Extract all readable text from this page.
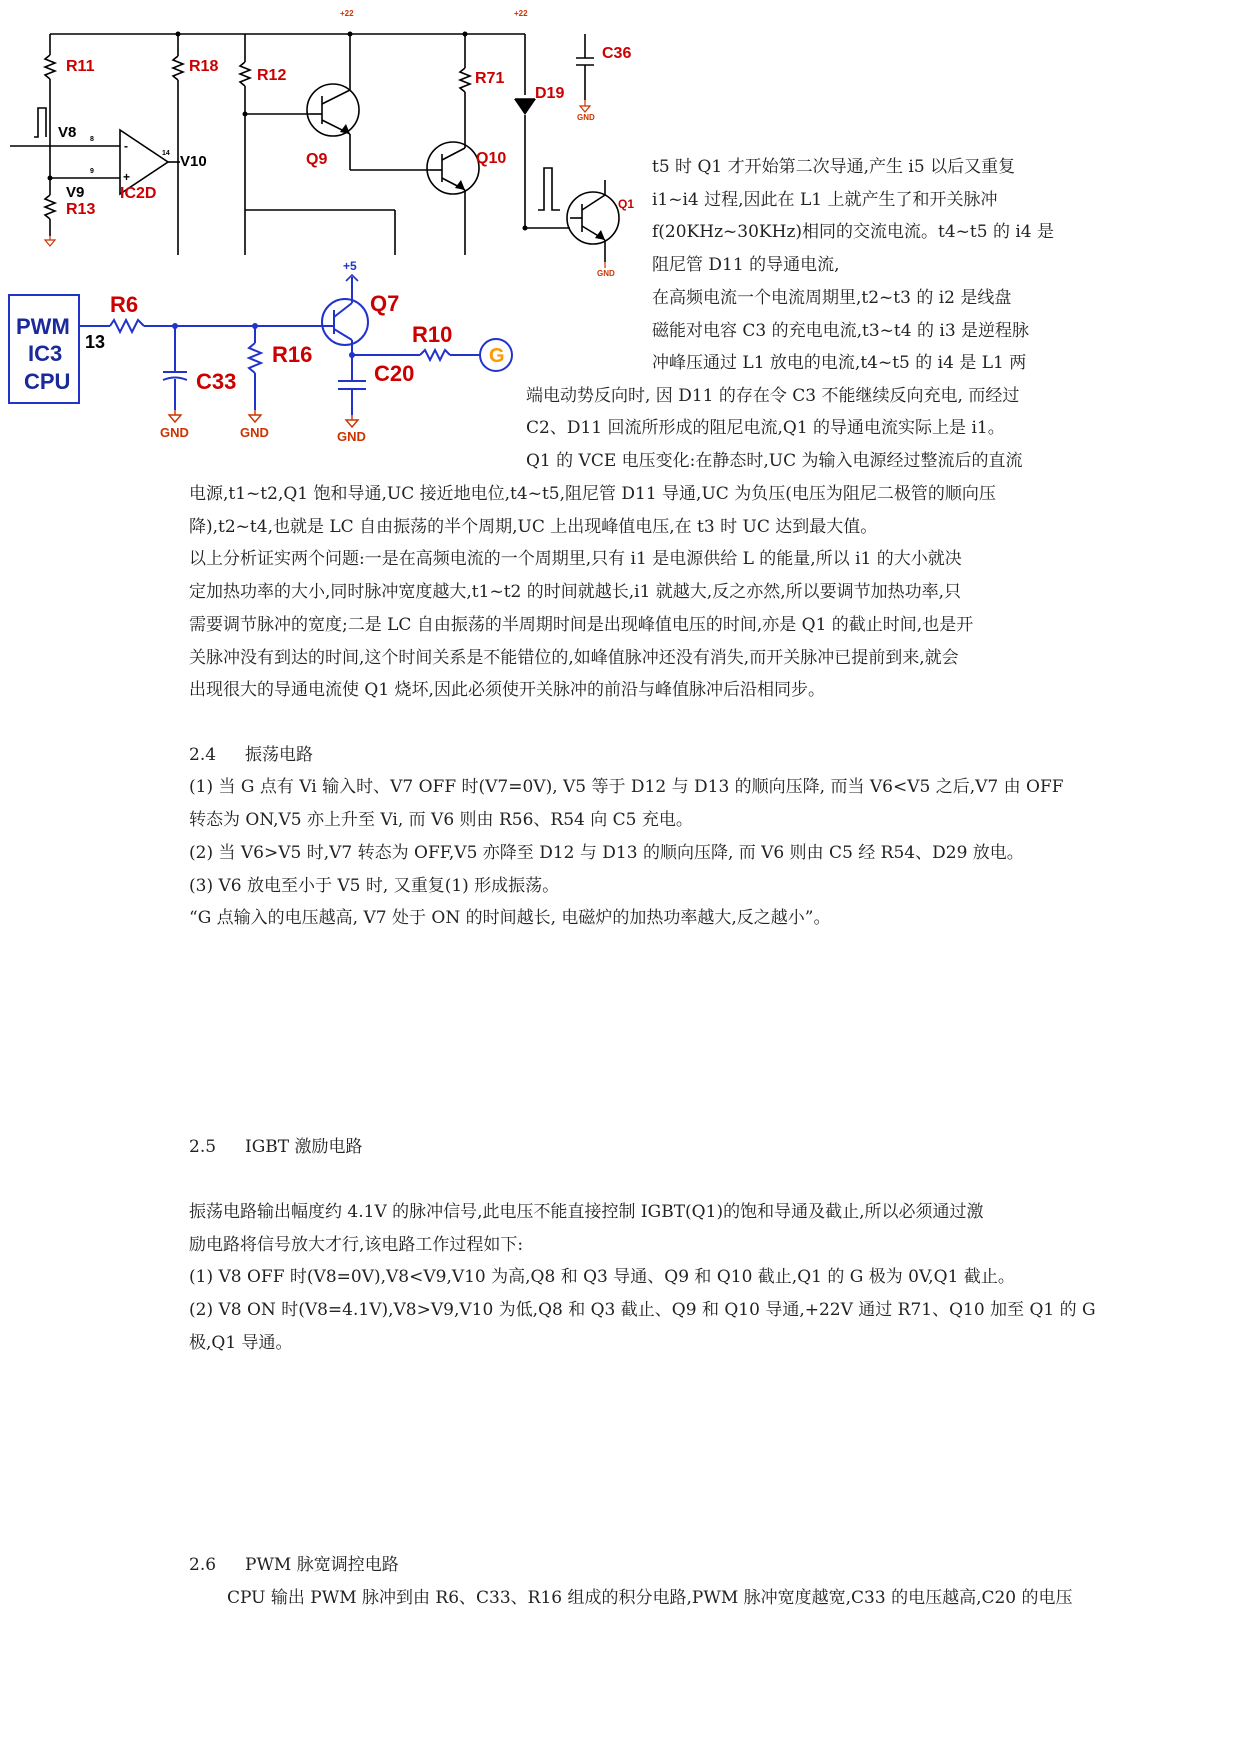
R11	R18
R12	R71
D19
C36
Q9	Q10
IC2D
R13
V8
V9
V10
Q1
+22	+22
GND
GND
8
9
14
-
+
PWM
IC3
CPU
13
R6
R16
C33	C20
Q7
R10
G
+5
GND	GND	GND
t5 时 Q1 才开始第二次导通,产生 i5 以后又重复
i1~i4 过程,因此在 L1 上就产生了和开关脉冲
f(20KHz~30KHz)相同的交流电流。t4~t5 的 i4 是
阻尼管 D11 的导通电流,
在高频电流一个电流周期里,t2~t3 的 i2 是线盘
磁能对电容 C3 的充电电流,t3~t4 的 i3 是逆程脉
冲峰压通过 L1 放电的电流,t4~t5 的 i4 是 L1 两
端电动势反向时, 因 D11 的存在令 C3 不能继续反向充电, 而经过
C2、D11 回流所形成的阻尼电流,Q1 的导通电流实际上是 i1。
Q1 的 VCE 电压变化:在静态时,UC 为输入电源经过整流后的直流
电源,t1~t2,Q1 饱和导通,UC 接近地电位,t4~t5,阻尼管 D11 导通,UC 为负压(电压为阻尼二极管的顺向压
降),t2~t4,也就是 LC 自由振荡的半个周期,UC 上出现峰值电压,在 t3 时 UC 达到最大值。
以上分析证实两个问题:一是在高频电流的一个周期里,只有 i1 是电源供给 L 的能量,所以 i1 的大小就决
定加热功率的大小,同时脉冲宽度越大,t1~t2 的时间就越长,i1 就越大,反之亦然,所以要调节加热功率,只
需要调节脉冲的宽度;二是 LC 自由振荡的半周期时间是出现峰值电压的时间,亦是 Q1 的截止时间,也是开
关脉冲没有到达的时间,这个时间关系是不能错位的,如峰值脉冲还没有消失,而开关脉冲已提前到来,就会
出现很大的导通电流使 Q1 烧坏,因此必须使开关脉冲的前沿与峰值脉冲后沿相同步。
2.4 振荡电路
(1) 当 G 点有 Vi 输入时、V7 OFF 时(V7=0V), V5 等于 D12 与 D13 的顺向压降, 而当 V6<V5 之后,V7 由 OFF
转态为 ON,V5 亦上升至 Vi, 而 V6 则由 R56、R54 向 C5 充电。
(2) 当 V6>V5 时,V7 转态为 OFF,V5 亦降至 D12 与 D13 的顺向压降, 而 V6 则由 C5 经 R54、D29 放电。
(3) V6 放电至小于 V5 时, 又重复(1) 形成振荡。
“G 点输入的电压越高, V7 处于 ON 的时间越长, 电磁炉的加热功率越大,反之越小”。
2.5 IGBT 激励电路
振荡电路输出幅度约 4.1V 的脉冲信号,此电压不能直接控制 IGBT(Q1)的饱和导通及截止,所以必须通过激
励电路将信号放大才行,该电路工作过程如下:
(1) V8 OFF 时(V8=0V),V8<V9,V10 为高,Q8 和 Q3 导通、Q9 和 Q10 截止,Q1 的 G 极为 0V,Q1 截止。
(2) V8 ON 时(V8=4.1V),V8>V9,V10 为低,Q8 和 Q3 截止、Q9 和 Q10 导通,+22V 通过 R71、Q10 加至 Q1 的 G
极,Q1 导通。
2.6 PWM 脉宽调控电路
CPU 输出 PWM 脉冲到由 R6、C33、R16 组成的积分电路,PWM 脉冲宽度越宽,C33 的电压越高,C20 的电压
